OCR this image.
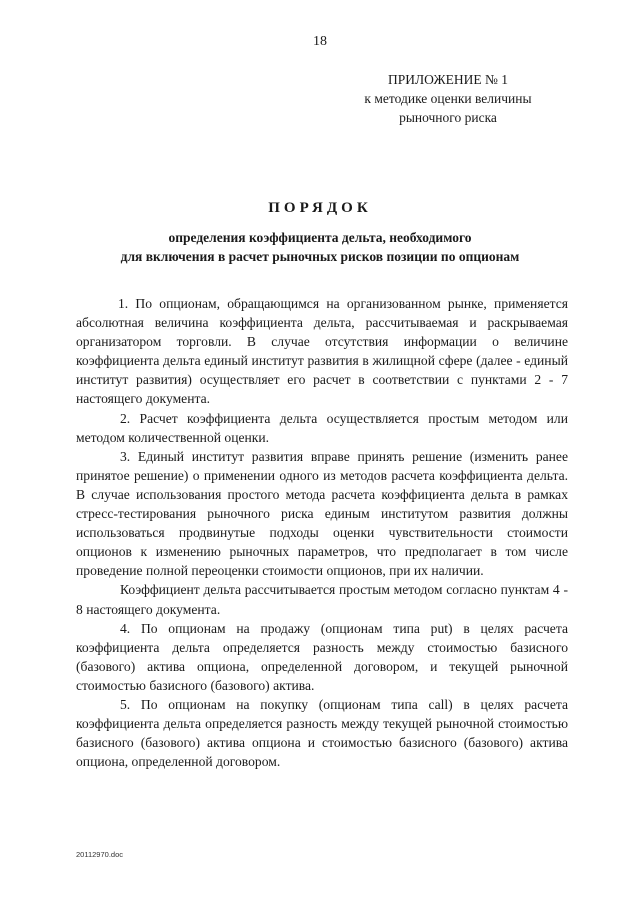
18
ПРИЛОЖЕНИЕ № 1
к методике оценки величины
рыночного риска
ПОРЯДОК
определения коэффициента дельта, необходимого
для включения в расчет рыночных рисков позиции по опционам

1. По опционам, обращающимся на организованном рынке, применяется абсолютная величина коэффициента дельта, рассчитываемая и раскрываемая организатором торговли. В случае отсутствия информации о величине коэффициента дельта единый институт развития в жилищной сфере (далее - единый институт развития) осуществляет его расчет в соответствии с пунктами 2 - 7 настоящего документа.

2. Расчет коэффициента дельта осуществляется простым методом или методом количественной оценки.

3. Единый институт развития вправе принять решение (изменить ранее принятое решение) о применении одного из методов расчета коэффициента дельта. В случае использования простого метода расчета коэффициента дельта в рамках стресс-тестирования рыночного риска единым институтом развития должны использоваться продвинутые подходы оценки чувствительности стоимости опционов к изменению рыночных параметров, что предполагает в том числе проведение полной переоценки стоимости опционов, при их наличии.

Коэффициент дельта рассчитывается простым методом согласно пунктам 4 - 8 настоящего документа.

4. По опционам на продажу (опционам типа put) в целях расчета коэффициента дельта определяется разность между стоимостью базисного (базового) актива опциона, определенной договором, и текущей рыночной стоимостью базисного (базового) актива.

5. По опционам на покупку (опционам типа call) в целях расчета коэффициента дельта определяется разность между текущей рыночной стоимостью базисного (базового) актива опциона и стоимостью базисного (базового) актива опциона, определенной договором.

20112970.doc
